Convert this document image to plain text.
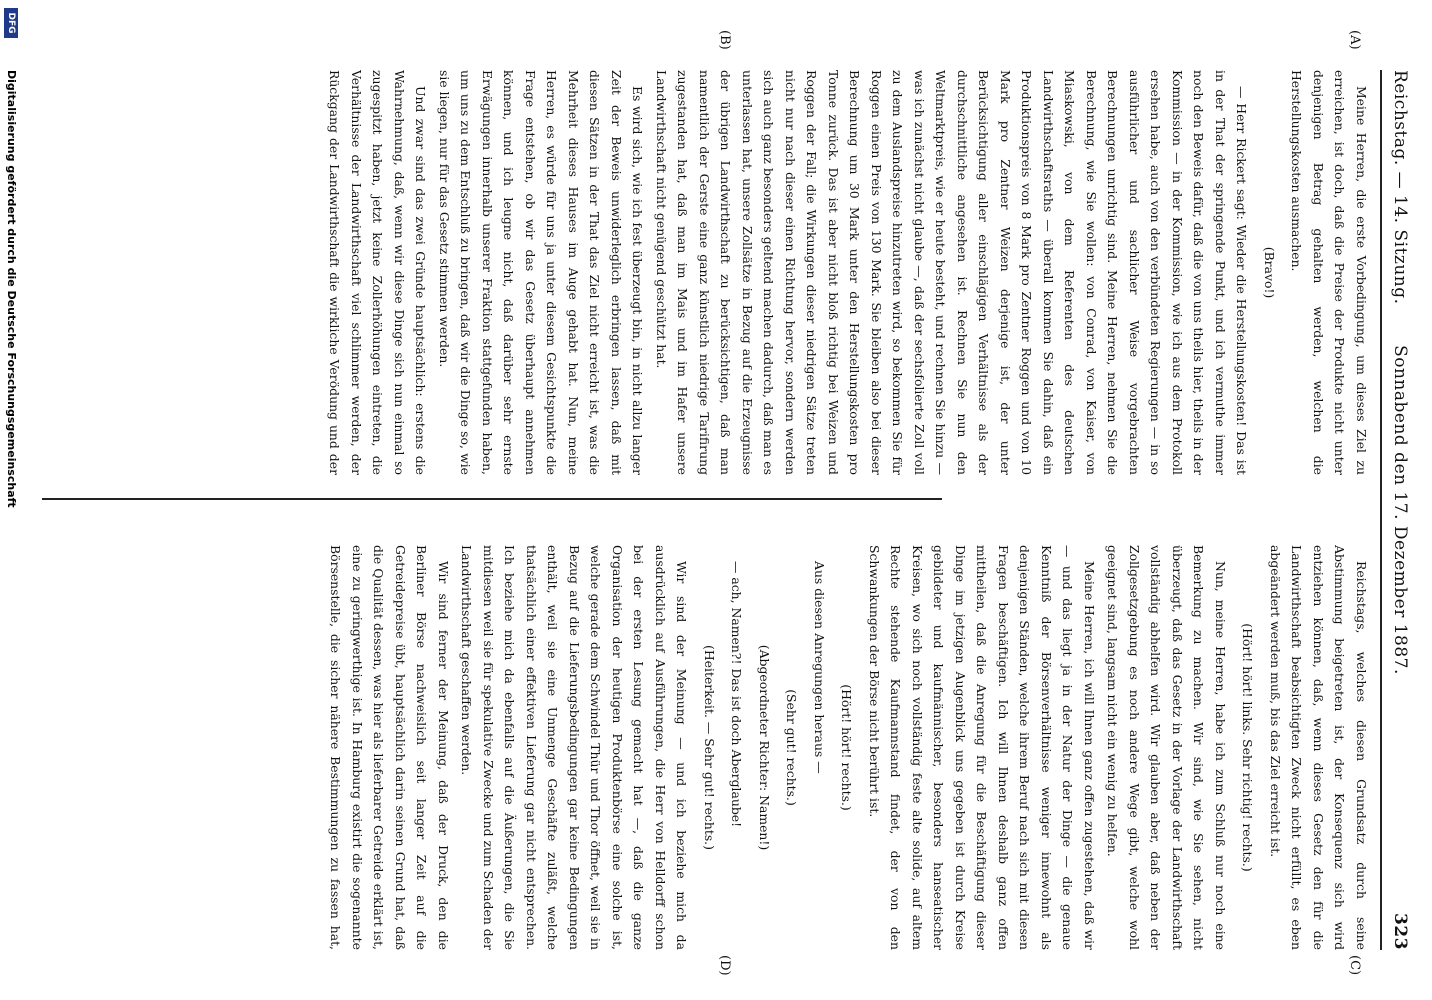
Reichstag. — 14. Sitzung.
Sonnabend den 17. Dezember 1887.
323
(A)
(B)
(C)
(D)

Meine Herren, die erste Vorbedingung, um dieses Ziel zu erreichen, ist doch, daß die Preise der Produkte nicht unter denjenigen Betrag gehalten werden, welchen die Herstellungskosten ausmachen.

(Bravo!)

— Herr Rickert sagt: Wieder die Herstellungskosten! Das ist in der That der springende Punkt, und ich vermuthe immer noch den Beweis dafür, daß die von uns theils hier, theils in der Kommission — in der Kommission, wie ich aus dem Protokoll ersehen habe, auch von den verbündeten Regierungen — in so ausführlicher und sachlicher Weise vorgebrachten Berechnungen unrichtig sind. Meine Herren, nehmen Sie die Berechnung, wie Sie wollen: von Conrad, von Kaiser, von Miaskowski, von dem Referenten des deutschen Landwirthschaftsraths — überall kommen Sie dahin, daß ein Produktionspreis von 8 Mark pro Zentner Roggen und von 10 Mark pro Zentner Weizen derjenige ist, der unter Berücksichtigung aller einschlägigen Verhältnisse als der durchschnittliche angesehen ist. Rechnen Sie nun den Weltmarktpreis, wie er heute besteht, und rechnen Sie hinzu — was ich zunächst nicht glaube —, daß der sechsfolierte Zoll voll zu dem Auslandspreise hinzutreten wird, so bekommen Sie für Roggen einen Preis von 130 Mark. Sie bleiben also bei dieser Berechnung um 30 Mark unter den Herstellungskosten pro Tonne zurück. Das ist aber nicht bloß richtig bei Weizen und Roggen der Fall; die Wirkungen dieser niedrigen Sätze treten nicht nur nach dieser einen Richtung hervor, sondern werden sich auch ganz besonders geltend machen dadurch, daß man es unterlassen hat, unsere Zollsätze in Bezug auf die Erzeugnisse der übrigen Landwirthschaft zu berücksichtigen, daß man namentlich der Gerste eine ganz künstlich niedrige Tarifirung zugestanden hat, daß man im Mais und im Hafer unsere Landwirthschaft nicht genügend geschützt hat.

Es wird sich, wie ich fest überzeugt bin, in nicht allzu langer Zeit der Beweis unwiderleglich erbringen lassen, daß mit diesen Sätzen in der That das Ziel nicht erreicht ist, was die Mehrheit dieses Hauses im Auge gehabt hat. Nun, meine Herren, es würde für uns ja unter diesem Gesichtspunkte die Frage entstehen, ob wir das Gesetz überhaupt annehmen können, und ich leugne nicht, daß darüber sehr ernste Erwägungen innerhalb unserer Fraktion stattgefunden haben, um uns zu dem Entschluß zu bringen, daß wir die Dinge so, wie sie liegen, nur für das Gesetz stimmen werden.

Und zwar sind das zwei Gründe hauptsächlich: erstens die Wahrnehmung, daß, wenn wir diese Dinge sich nun einmal so zugespitzt haben, jetzt keine Zollerhöhungen eintreten, die Verhältnisse der Landwirthschaft viel schlimmer werden, der Rückgang der Landwirthschaft die wirkliche Verödung und der

Reichstags, welches diesen Grundsatz durch seine Abstimmung beigetreten ist, der Konsequenz sich wird entziehen können, daß, wenn dieses Gesetz den für die Landwirthschaft beabsichtigten Zweck nicht erfüllt, es eben abgeändert werden muß, bis das Ziel erreicht ist.

(Hört! hört! links. Sehr richtig! rechts.)

Nun, meine Herren, habe ich zum Schluß nur noch eine Bemerkung zu machen. Wir sind, wie Sie sehen, nicht überzeugt, daß das Gesetz in der Vorlage der Landwirthschaft vollständig abhelfen wird. Wir glauben aber, daß neben der Zollgesetzgebung es noch andere Wege gibt, welche wohl geeignet sind, langsam nicht ein wenig zu helfen.

Meine Herren, ich will Ihnen ganz offen zugestehen, daß wir — und das liegt ja in der Natur der Dinge — die genaue Kenntniß der Börsenverhältnisse weniger innewohnt als denjenigen Ständen, welche ihrem Beruf nach sich mit diesen Fragen beschäftigen. Ich will Ihnen deshalb ganz offen mittheilen, daß die Anregung für die Beschäftigung dieser Dinge im jetzigen Augenblick uns gegeben ist durch Kreise gebildeter und kaufmännischer, besonders hanseatischer Kreisen, wo sich noch vollständig feste alte solide, auf altem Rechte stehende Kaufmannstand findet, der von den Schwankungen der Börse nicht berührt ist.

(Hört! hört! rechts.)

Aus diesen Anregungen heraus —

(Sehr gut! rechts.)

(Abgeordneter Richter: Namen!)

— ach, Namen?! Das ist doch Aberglaube!

(Heiterkeit. — Sehr gut! rechts.)

Wir sind der Meinung — und ich beziehe mich da ausdrücklich auf Ausführungen, die Herr von Helldorff schon bei der ersten Lesung gemacht hat —, daß die ganze Organisation der heutigen Produktenbörse eine solche ist, welche gerade dem Schwindel Thür und Thor öffnet, weil sie in Bezug auf die Lieferungsbedingungen gar keine Bedingungen enthält, weil sie eine Unmenge Geschäfte zuläßt, welche thatsächlich einer effektiven Lieferung gar nicht entsprechen. Ich beziehe mich da ebenfalls auf die Äußerungen, die Sie mitdiesen weil sie für spekulative Zwecke und zum Schaden der Landwirthschaft geschaffen werden.

Wir sind ferner der Meinung, daß der Druck, den die Berliner Börse nachweislich seit langer Zeit auf die Getreidepreise übt, hauptsächlich darin seinen Grund hat, daß die Qualität dessen, was hier als lieferbarer Getreide erklärt ist, eine zu geringwerthige ist. In Hamburg existirt die sogenannte Börsenstelle, die sicher nähere Bestimmungen zu fassen hat,

DFG
Digitalisierung gefördert durch die Deutsche Forschungsgemeinschaft
